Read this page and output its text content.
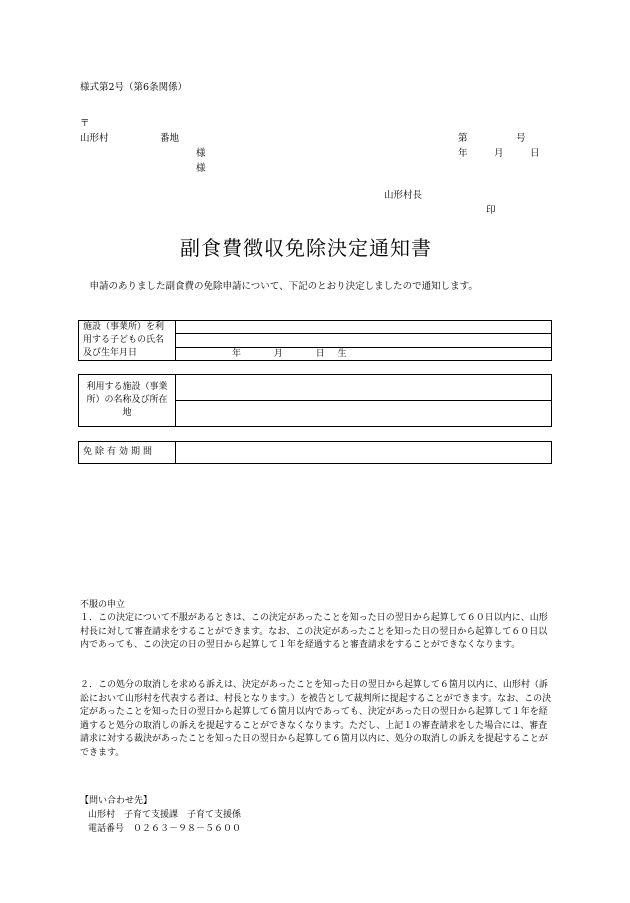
様式第2号（第6条関係）
〒
山形村	番地
様
様
第	号
年	月	日
山形村長
印
副食費徴収免除決定通知書
申請のありました副食費の免除申請について、下記のとおり決定しましたので通知します。
施設（事業所）を利用する子どもの氏名及び生年月日	

年	月	日 生
利用する施設（事業所）の名称及び所在地	

免除有効期間	
不服の申立
１．この決定について不服があるときは、この決定があったことを知った日の翌日から起算して６０日以内に、山形村長に対して審査請求をすることができます。なお、この決定があったことを知った日の翌日から起算して６０日以内であっても、この決定の日の翌日から起算して１年を経過すると審査請求をすることができなくなります。
２．この処分の取消しを求める訴えは、決定があったことを知った日の翌日から起算して６箇月以内に、山形村（訴訟において山形村を代表する者は、村長となります。）を被告として裁判所に提起することができます。なお、この決定があったことを知った日の翌日から起算して６箇月以内であっても、決定があった日の翌日から起算して１年を経過すると処分の取消しの訴えを提起することができなくなります。ただし、上記１の審査請求をした場合には、審査請求に対する裁決があったことを知った日の翌日から起算して６箇月以内に、処分の取消しの訴えを提起することができます。
【問い合わせ先】
山形村　子育て支援課　子育て支援係
電話番号　０２６３－９８－５６００
